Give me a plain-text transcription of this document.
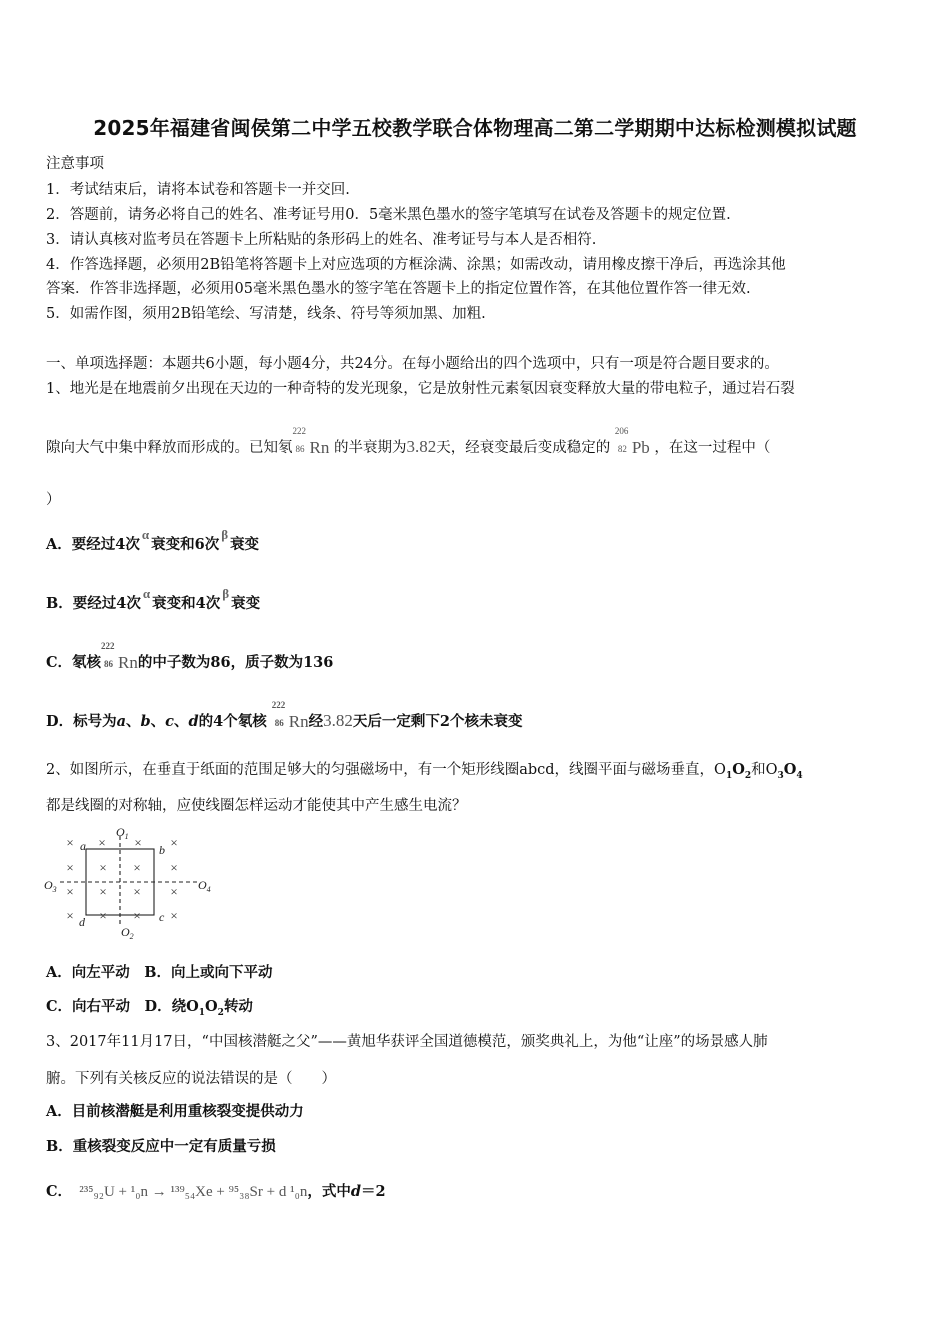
2025年福建省闽侯第二中学五校教学联合体物理高二第二学期期中达标检测模拟试题
注意事项
1．考试结束后，请将本试卷和答题卡一并交回.
2．答题前，请务必将自己的姓名、准考证号用0．5毫米黑色墨水的签字笔填写在试卷及答题卡的规定位置.
3．请认真核对监考员在答题卡上所粘贴的条形码上的姓名、准考证号与本人是否相符.
4．作答选择题，必须用2B铅笔将答题卡上对应选项的方框涂满、涂黑；如需改动，请用橡皮擦干净后，再选涂其他
答案．作答非选择题，必须用05毫米黑色墨水的签字笔在答题卡上的指定位置作答，在其他位置作答一律无效.
5．如需作图，须用2B铅笔绘、写清楚，线条、符号等须加黑、加粗.
一、单项选择题：本题共6小题，每小题4分，共24分。在每小题给出的四个选项中，只有一项是符合题目要求的。
1、地光是在地震前夕出现在天边的一种奇特的发光现象，它是放射性元素氡因衰变释放大量的带电粒子，通过岩石裂
隙向大气中集中释放而形成的。已知氡
222
86 Rn 的半衰期为3.82天，经衰变最后变成稳定的
206
82 Pb ，在这一过程中（
）
A．要经过4次α衰变和6次β衰变
B．要经过4次α衰变和4次β衰变
C．氡核
222
86 Rn的中子数为86，质子数为136
D．标号为a、b、c、d的4个氡核
222
86 Rn经3.82天后一定剩下2个核未衰变
2、如图所示，在垂直于纸面的范围足够大的匀强磁场中，有一个矩形线圈abcd，线圈平面与磁场垂直，$O_1O_2$和$O_3O_4$
都是线圈的对称轴，应使线圈怎样运动才能使其中产生感生电流？
× × × ×
× × × ×
× × × ×
× × × ×
a	b
c
d
$O_1$
$O_2$
$O_3$	$O_4$
A．向左平动　 B．向上或向下平动
C．向右平动　 D．绕$O_1O_2$转动
3、2017年11月17日，“中国核潜艇之父”——黄旭华获评全国道德模范，颁奖典礼上，为他“让座”的场景感人肺
腑。下列有关核反应的说法错误的是（　　）
A．目前核潜艇是利用重核裂变提供动力
B．重核裂变反应中一定有质量亏损
C．　 ²³⁵₉₂U + ¹₀n → ¹³⁹₅₄Xe + ⁹⁵₃₈Sr + d ¹₀n，式中d＝2
